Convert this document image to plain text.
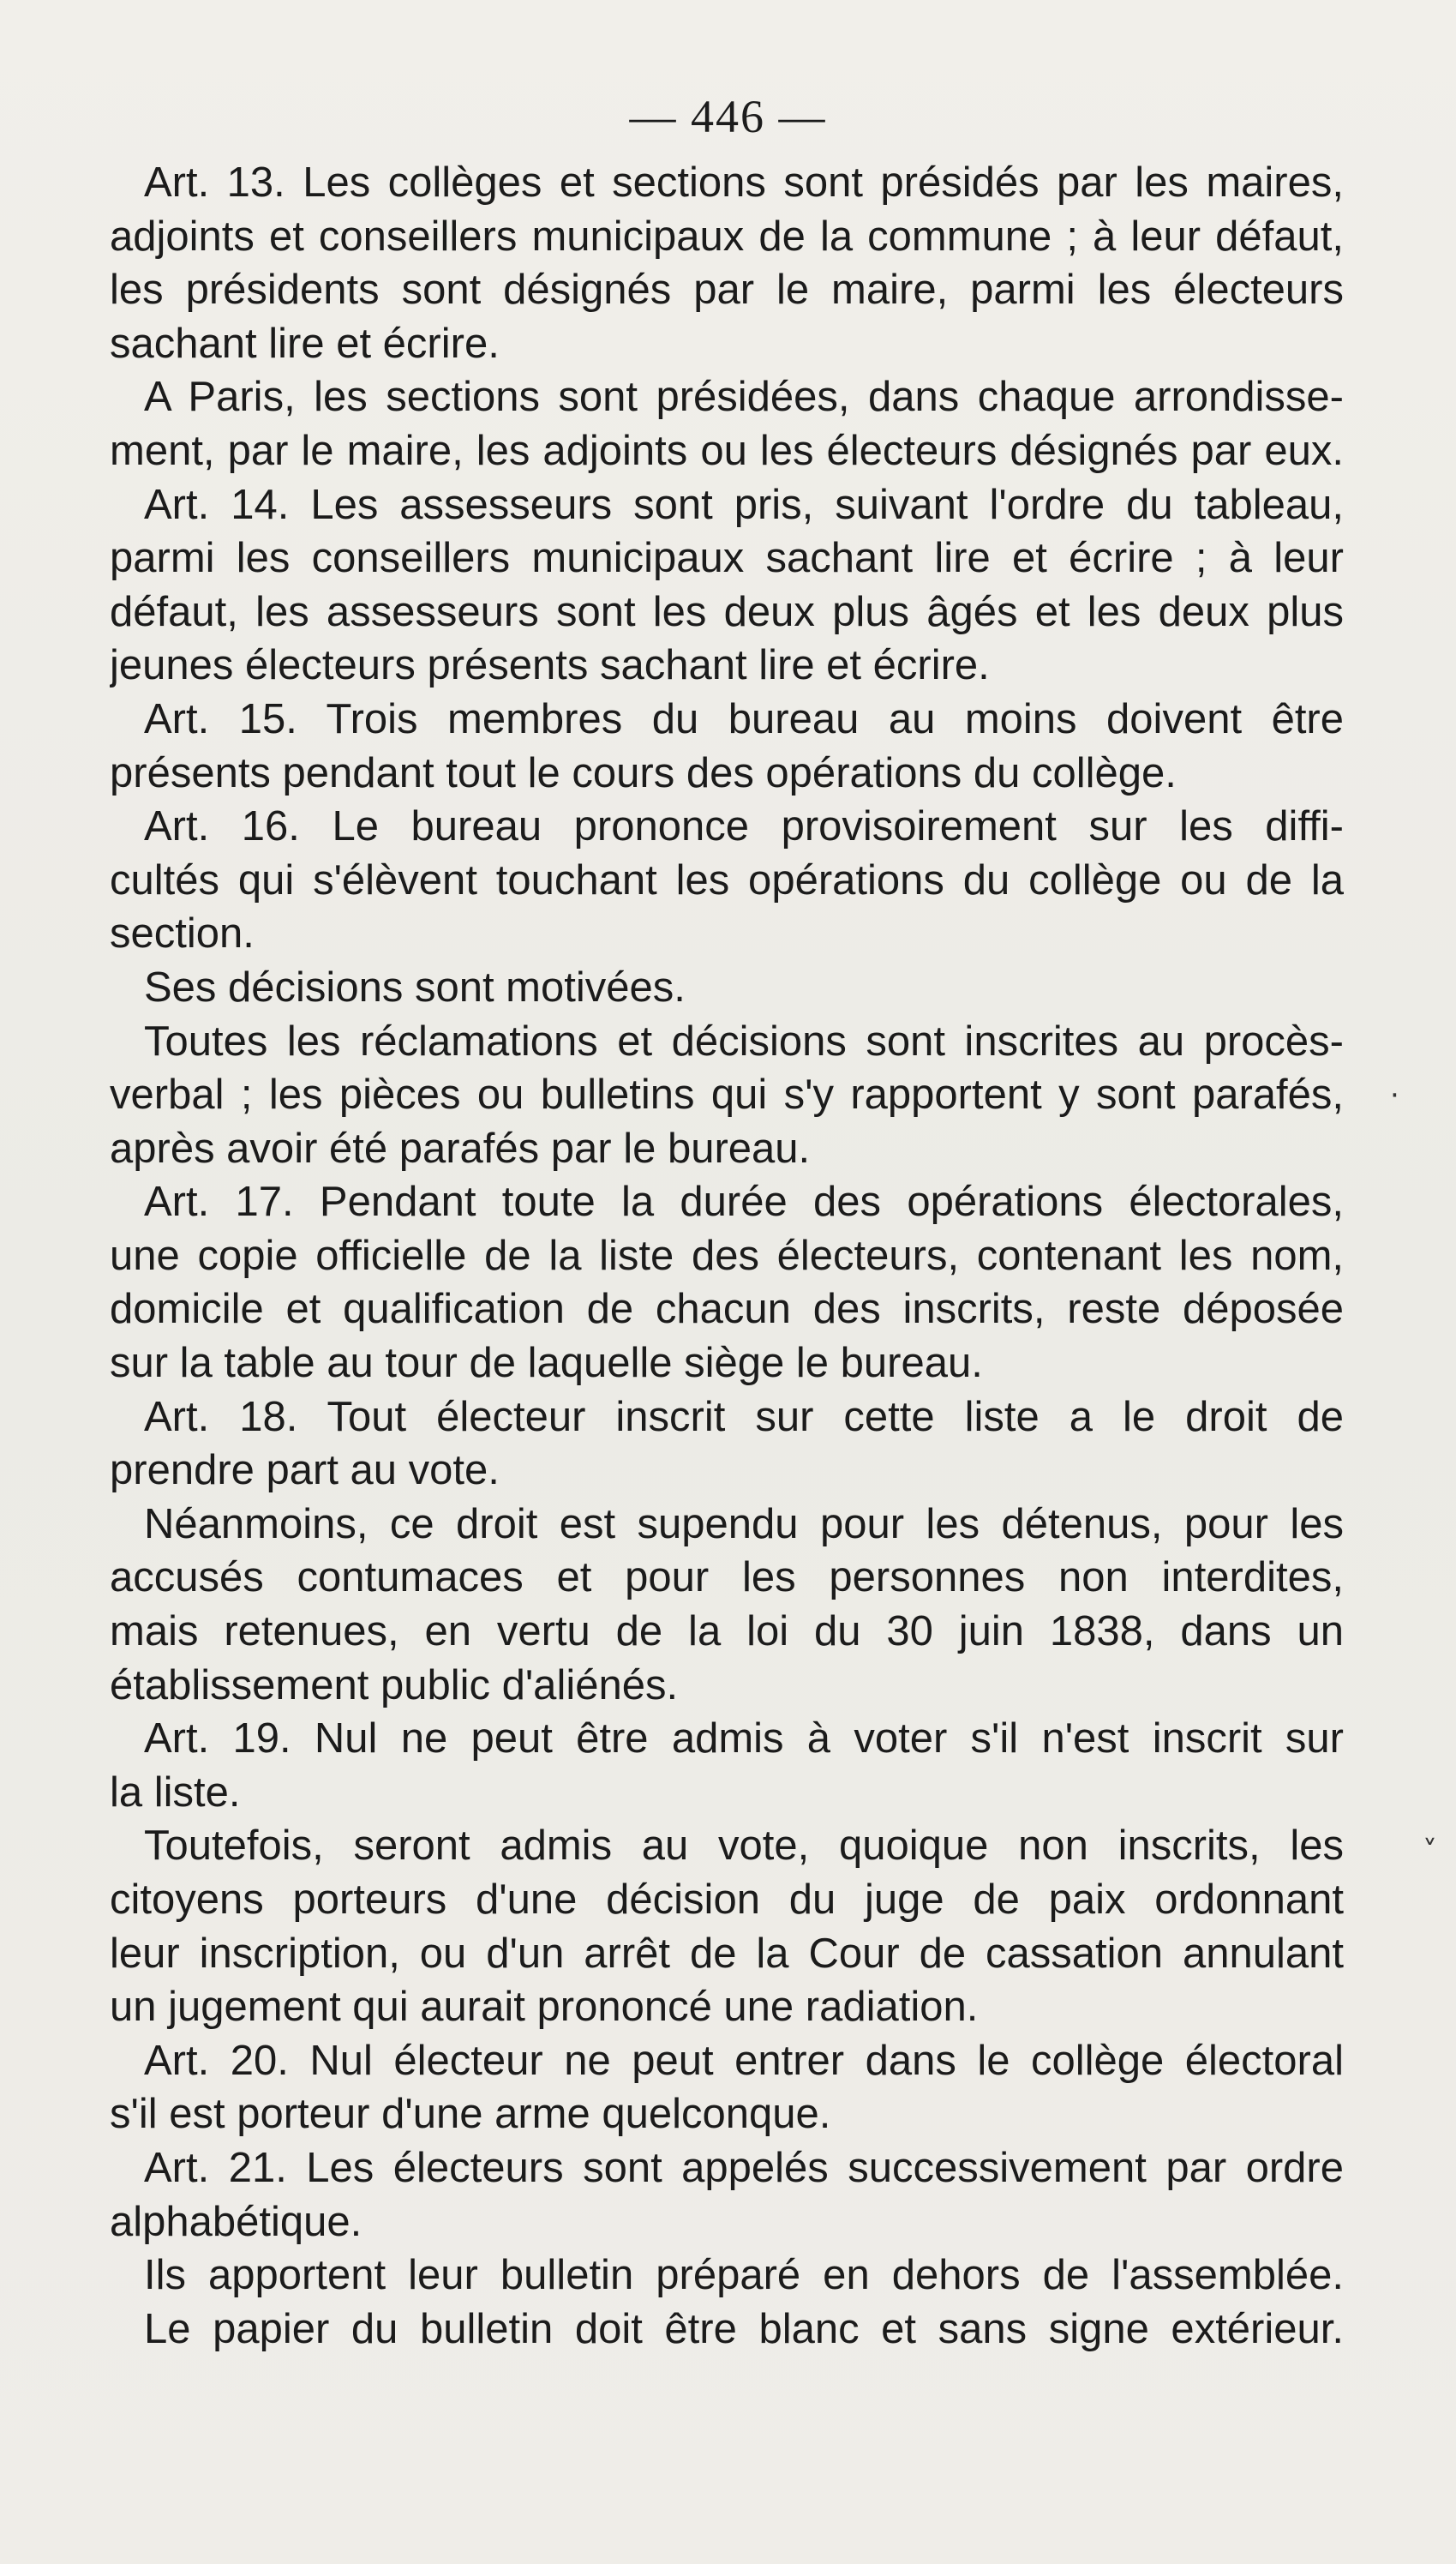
— 446 —
Art. 13. Les collèges et sections sont présidés par les maires,
adjoints et conseillers municipaux de la commune ; à leur défaut,
les présidents sont désignés par le maire, parmi les électeurs
sachant lire et écrire.
A Paris, les sections sont présidées, dans chaque arrondisse-
ment, par le maire, les adjoints ou les électeurs désignés par eux.
Art. 14. Les assesseurs sont pris, suivant l'ordre du tableau,
parmi les conseillers municipaux sachant lire et écrire ; à leur
défaut, les assesseurs sont les deux plus âgés et les deux plus
jeunes électeurs présents sachant lire et écrire.
Art. 15. Trois membres du bureau au moins doivent être
présents pendant tout le cours des opérations du collège.
Art. 16. Le bureau prononce provisoirement sur les diffi-
cultés qui s'élèvent touchant les opérations du collège ou de la
section.
Ses décisions sont motivées.
Toutes les réclamations et décisions sont inscrites au procès-
verbal ; les pièces ou bulletins qui s'y rapportent y sont parafés,
après avoir été parafés par le bureau.
Art. 17. Pendant toute la durée des opérations électorales,
une copie officielle de la liste des électeurs, contenant les nom,
domicile et qualification de chacun des inscrits, reste déposée
sur la table au tour de laquelle siège le bureau.
Art. 18. Tout électeur inscrit sur cette liste a le droit de
prendre part au vote.
Néanmoins, ce droit est supendu pour les détenus, pour les
accusés contumaces et pour les personnes non interdites,
mais retenues, en vertu de la loi du 30 juin 1838, dans un
établissement public d'aliénés.
Art. 19. Nul ne peut être admis à voter s'il n'est inscrit sur
la liste.
Toutefois, seront admis au vote, quoique non inscrits, les
citoyens porteurs d'une décision du juge de paix ordonnant
leur inscription, ou d'un arrêt de la Cour de cassation annulant
un jugement qui aurait prononcé une radiation.
Art. 20. Nul électeur ne peut entrer dans le collège électoral
s'il est porteur d'une arme quelconque.
Art. 21. Les électeurs sont appelés successivement par ordre
alphabétique.
Ils apportent leur bulletin préparé en dehors de l'assemblée.
Le papier du bulletin doit être blanc et sans signe extérieur.
·
˅
